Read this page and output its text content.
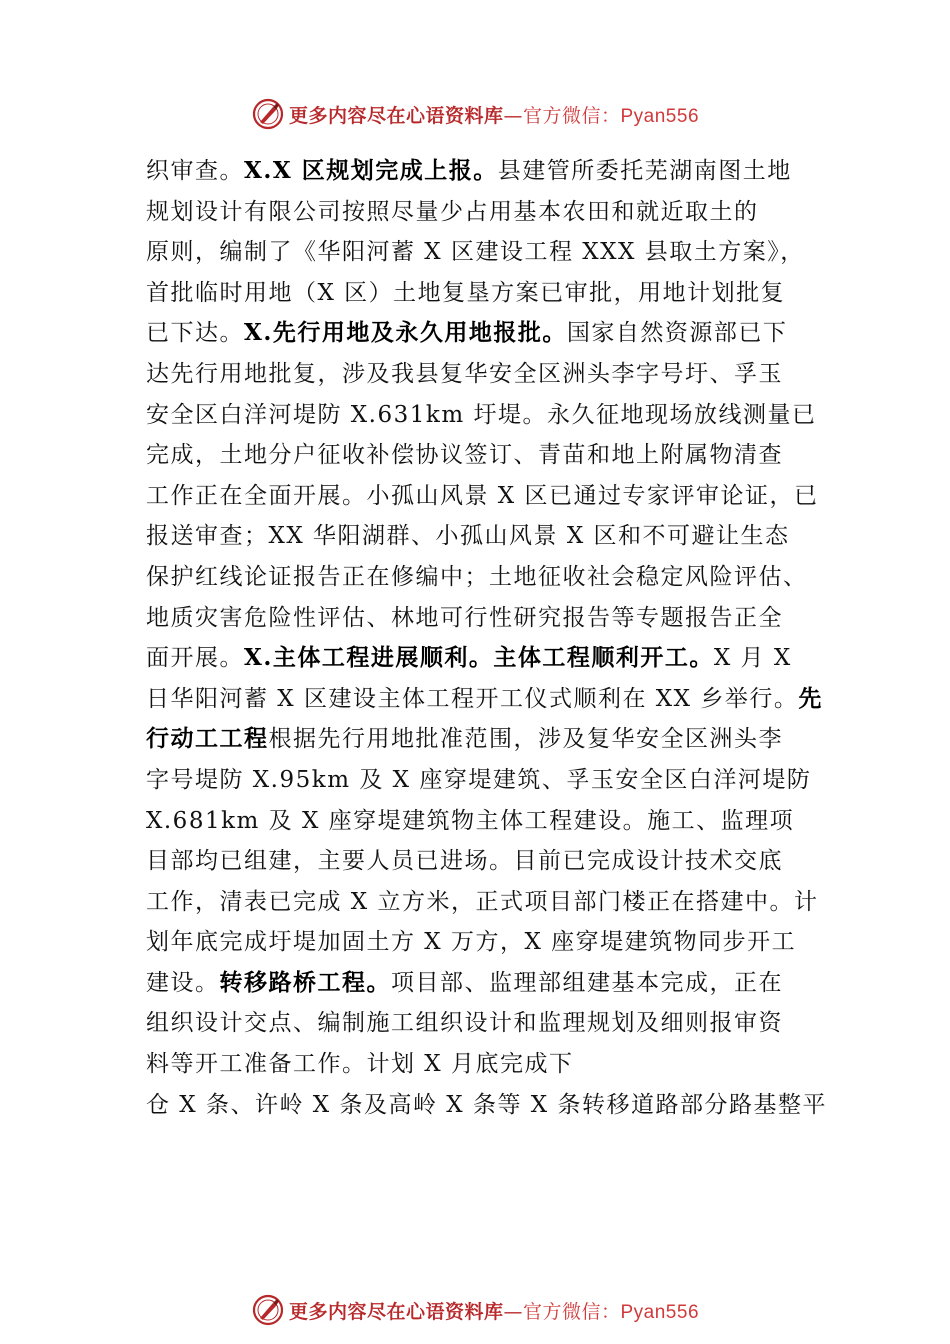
更多内容尽在心语资料库—官方微信：Pyan556
织审查。X.X 区规划完成上报。县建管所委托芜湖南图土地
规划设计有限公司按照尽量少占用基本农田和就近取土的
原则，编制了《华阳河蓄 X 区建设工程 XXX 县取土方案》，
首批临时用地（X 区）土地复垦方案已审批，用地计划批复
已下达。X.先行用地及永久用地报批。国家自然资源部已下
达先行用地批复，涉及我县复华安全区洲头李字号圩、孚玉
安全区白洋河堤防 X.631km 圩堤。永久征地现场放线测量已
完成，土地分户征收补偿协议签订、青苗和地上附属物清查
工作正在全面开展。小孤山风景 X 区已通过专家评审论证，已
报送审查；XX 华阳湖群、小孤山风景 X 区和不可避让生态
保护红线论证报告正在修编中；土地征收社会稳定风险评估、
地质灾害危险性评估、林地可行性研究报告等专题报告正全
面开展。X.主体工程进展顺利。主体工程顺利开工。X 月 X
日华阳河蓄 X 区建设主体工程开工仪式顺利在 XX 乡举行。先
行动工工程根据先行用地批准范围，涉及复华安全区洲头李
字号堤防 X.95km 及 X 座穿堤建筑、孚玉安全区白洋河堤防
X.681km 及 X 座穿堤建筑物主体工程建设。施工、监理项
目部均已组建，主要人员已进场。目前已完成设计技术交底
工作，清表已完成 X 立方米，正式项目部门楼正在搭建中。计
划年底完成圩堤加固土方 X 万方，X 座穿堤建筑物同步开工
建设。转移路桥工程。项目部、监理部组建基本完成，正在
组织设计交点、编制施工组织设计和监理规划及细则报审资
料等开工准备工作。计划 X 月底完成下
仓 X 条、许岭 X 条及高岭 X 条等 X 条转移道路部分路基整平
更多内容尽在心语资料库—官方微信：Pyan556
